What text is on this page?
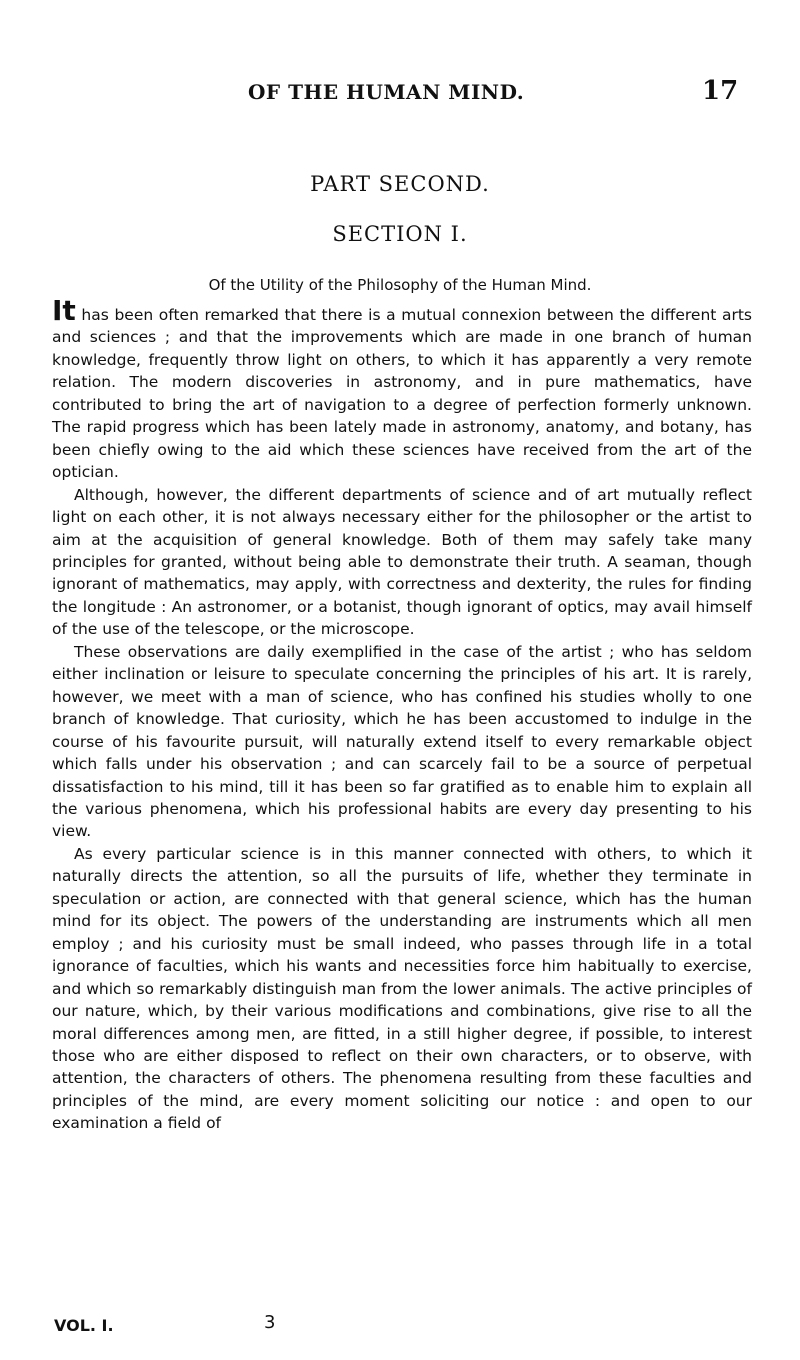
OF THE HUMAN MIND.	17
PART SECOND.
SECTION I.
Of the Utility of the Philosophy of the Human Mind.

It has been often remarked that there is a mutual connexion between the different arts and sciences ; and that the improvements which are made in one branch of human knowledge, frequently throw light on others, to which it has apparently a very remote relation. The modern discoveries in astronomy, and in pure mathematics, have contributed to bring the art of navigation to a degree of perfection formerly unknown. The rapid progress which has been lately made in astronomy, anatomy, and botany, has been chiefly owing to the aid which these sciences have received from the art of the optician.

Although, however, the different departments of science and of art mutually reflect light on each other, it is not always necessary either for the philosopher or the artist to aim at the acquisition of general knowledge. Both of them may safely take many principles for granted, without being able to demonstrate their truth. A seaman, though ignorant of mathematics, may apply, with correctness and dexterity, the rules for finding the longitude : An astronomer, or a botanist, though ignorant of optics, may avail himself of the use of the telescope, or the microscope.

These observations are daily exemplified in the case of the artist ; who has seldom either inclination or leisure to speculate concerning the principles of his art. It is rarely, however, we meet with a man of science, who has confined his studies wholly to one branch of knowledge. That curiosity, which he has been accustomed to indulge in the course of his favourite pursuit, will naturally extend itself to every remarkable object which falls under his observation ; and can scarcely fail to be a source of perpetual dissatisfaction to his mind, till it has been so far gratified as to enable him to explain all the various phenomena, which his professional habits are every day presenting to his view.

As every particular science is in this manner connected with others, to which it naturally directs the attention, so all the pursuits of life, whether they terminate in speculation or action, are connected with that general science, which has the human mind for its object. The powers of the understanding are instruments which all men employ ; and his curiosity must be small indeed, who passes through life in a total ignorance of faculties, which his wants and necessities force him habitually to exercise, and which so remarkably distinguish man from the lower animals. The active principles of our nature, which, by their various modifications and combinations, give rise to all the moral differences among men, are fitted, in a still higher degree, if possible, to interest those who are either disposed to reflect on their own characters, or to observe, with attention, the characters of others. The phenomena resulting from these faculties and principles of the mind, are every moment soliciting our notice : and open to our examination a field of

VOL. I.	3
